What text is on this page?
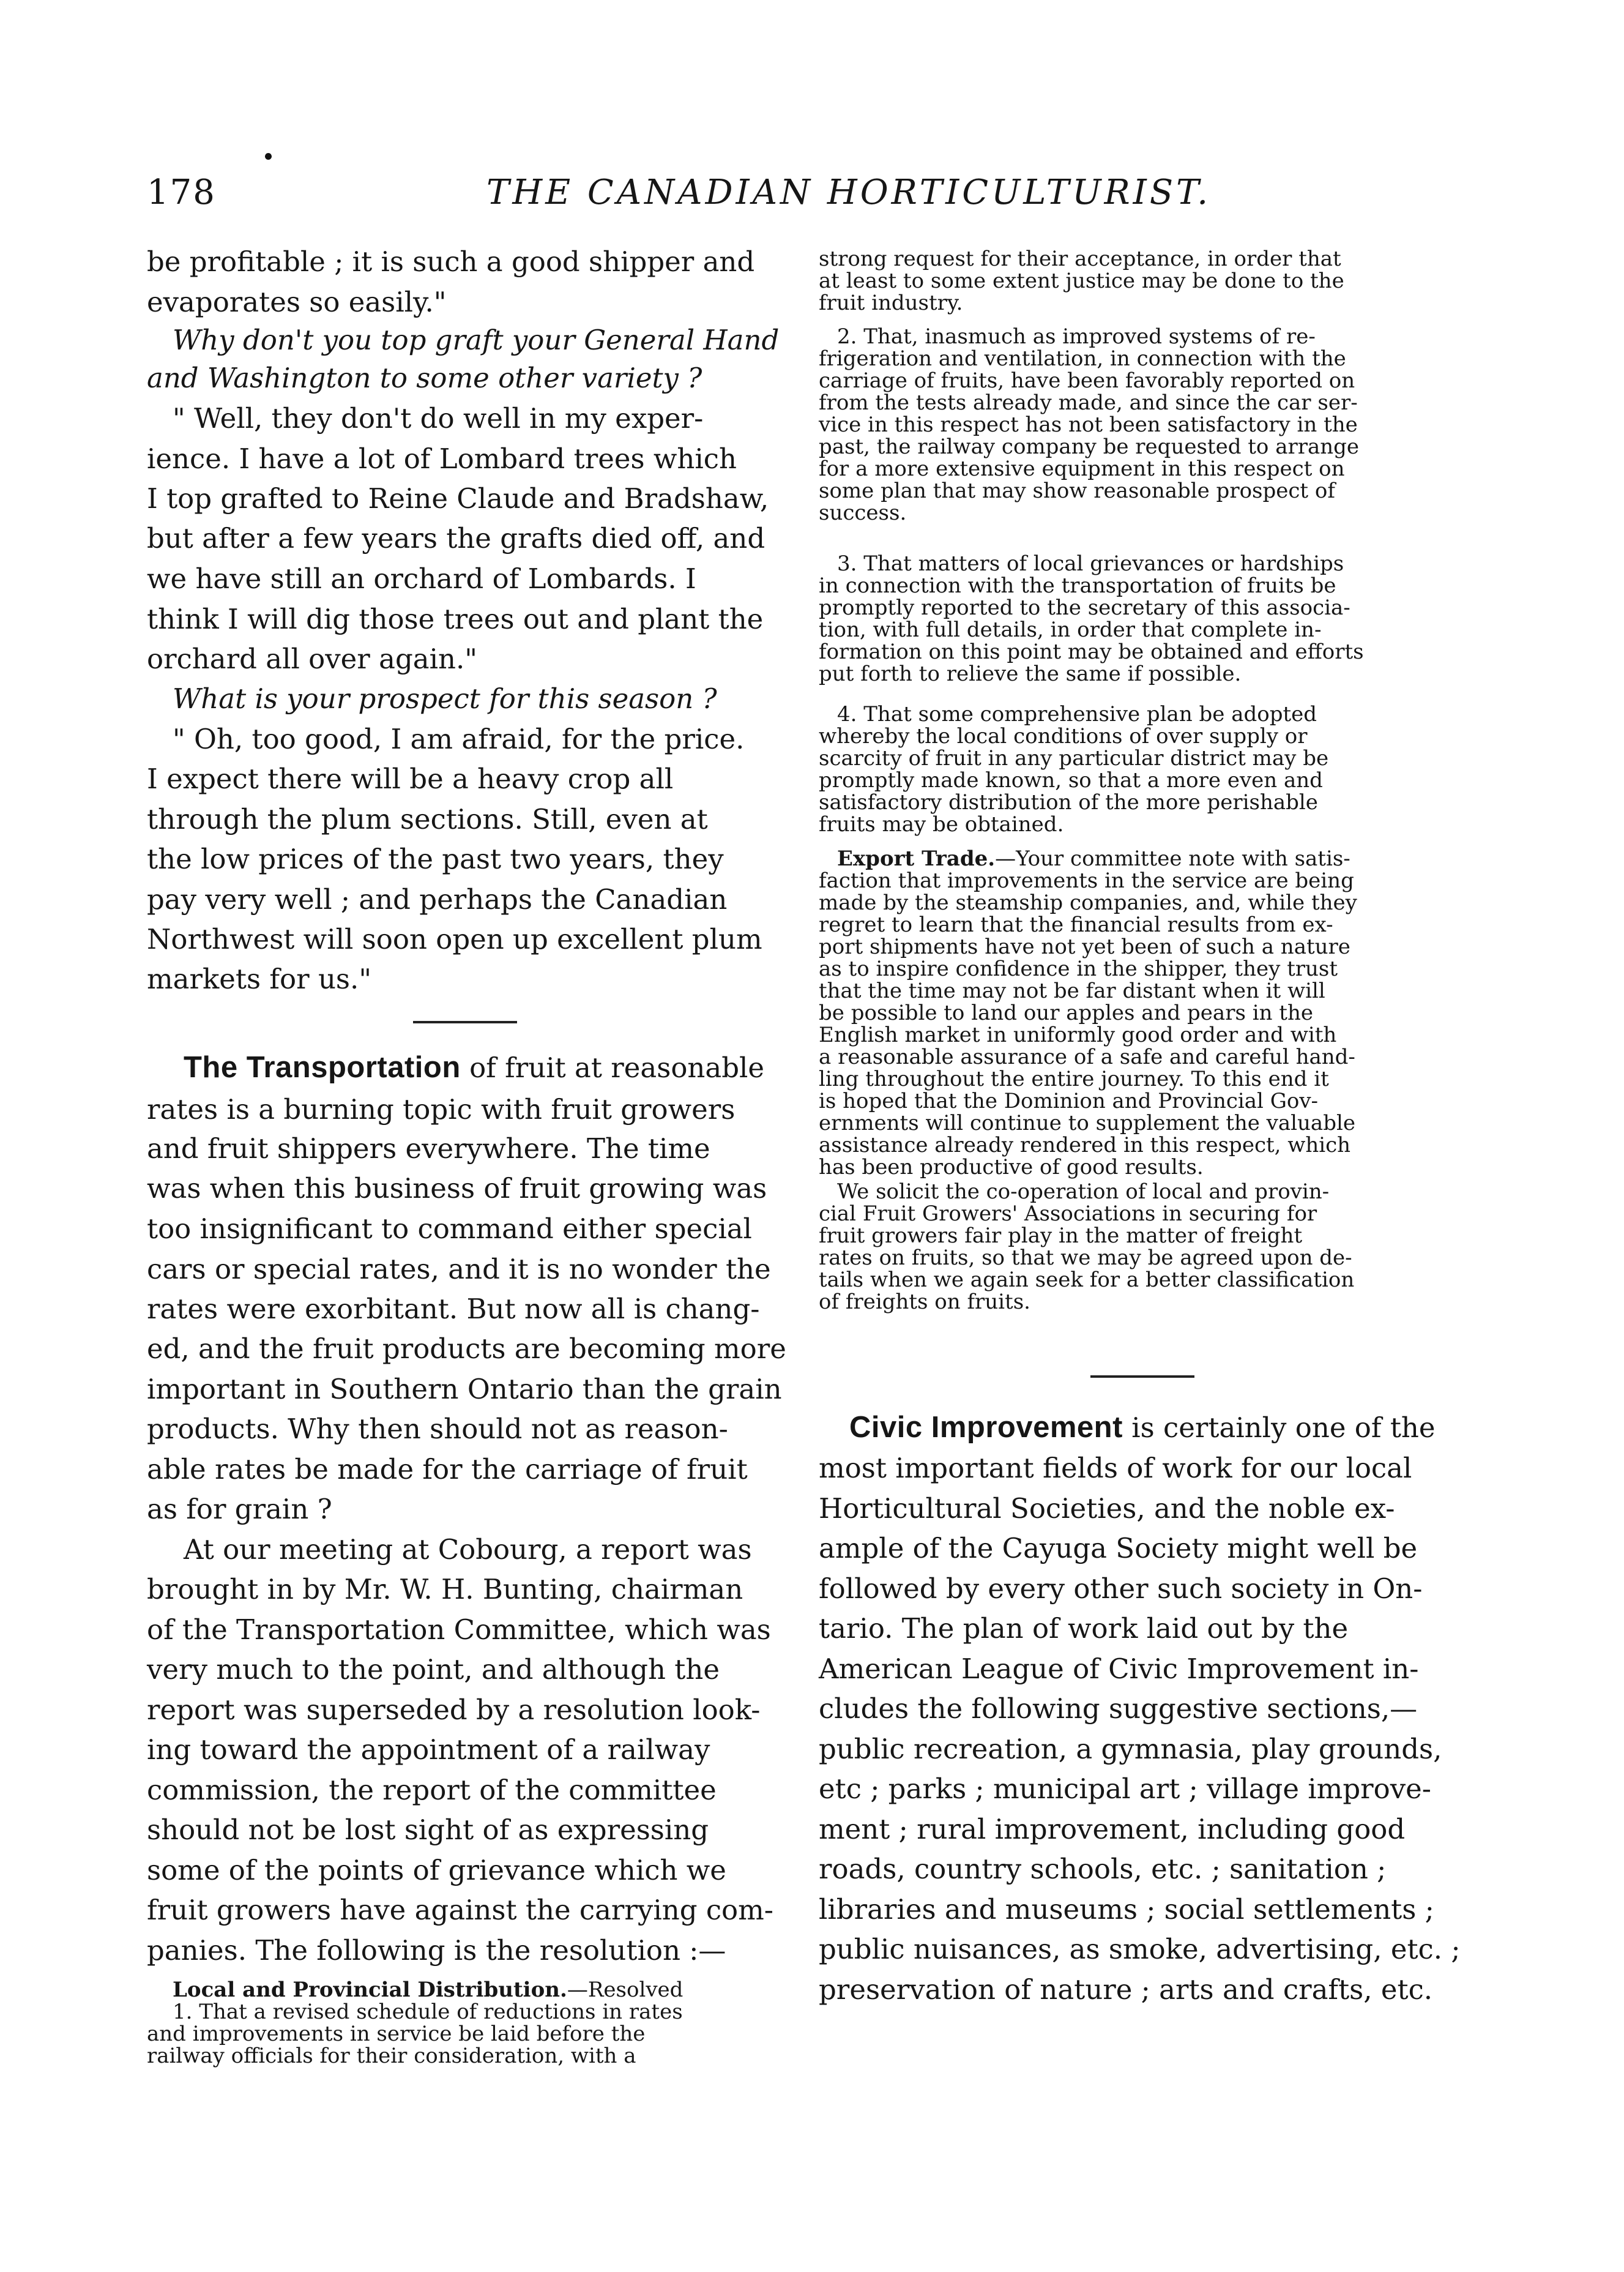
178	THE CANADIAN HORTICULTURIST.
be profitable ; it is such a good shipper and
evaporates so easily."
Why don't you top graft your General Hand
and Washington to some other variety ?
" Well, they don't do well in my exper-
ience. I have a lot of Lombard trees which
I top grafted to Reine Claude and Bradshaw,
but after a few years the grafts died off, and
we have still an orchard of Lombards. I
think I will dig those trees out and plant the
orchard all over again."
What is your prospect for this season ?
" Oh, too good, I am afraid, for the price.
I expect there will be a heavy crop all
through the plum sections. Still, even at
the low prices of the past two years, they
pay very well ; and perhaps the Canadian
Northwest will soon open up excellent plum
markets for us."
The Transportation of fruit at reasonable
rates is a burning topic with fruit growers
and fruit shippers everywhere. The time
was when this business of fruit growing was
too insignificant to command either special
cars or special rates, and it is no wonder the
rates were exorbitant. But now all is chang-
ed, and the fruit products are becoming more
important in Southern Ontario than the grain
products. Why then should not as reason-
able rates be made for the carriage of fruit
as for grain ?
At our meeting at Cobourg, a report was
brought in by Mr. W. H. Bunting, chairman
of the Transportation Committee, which was
very much to the point, and although the
report was superseded by a resolution look-
ing toward the appointment of a railway
commission, the report of the committee
should not be lost sight of as expressing
some of the points of grievance which we
fruit growers have against the carrying com-
panies. The following is the resolution :—
Local and Provincial Distribution.—Resolved
1. That a revised schedule of reductions in rates
and improvements in service be laid before the
railway officials for their consideration, with a
strong request for their acceptance, in order that
at least to some extent justice may be done to the
fruit industry.
2. That, inasmuch as improved systems of re-
frigeration and ventilation, in connection with the
carriage of fruits, have been favorably reported on
from the tests already made, and since the car ser-
vice in this respect has not been satisfactory in the
past, the railway company be requested to arrange
for a more extensive equipment in this respect on
some plan that may show reasonable prospect of
success.
3. That matters of local grievances or hardships
in connection with the transportation of fruits be
promptly reported to the secretary of this associa-
tion, with full details, in order that complete in-
formation on this point may be obtained and efforts
put forth to relieve the same if possible.
4. That some comprehensive plan be adopted
whereby the local conditions of over supply or
scarcity of fruit in any particular district may be
promptly made known, so that a more even and
satisfactory distribution of the more perishable
fruits may be obtained.
Export Trade.—Your committee note with satis-
faction that improvements in the service are being
made by the steamship companies, and, while they
regret to learn that the financial results from ex-
port shipments have not yet been of such a nature
as to inspire confidence in the shipper, they trust
that the time may not be far distant when it will
be possible to land our apples and pears in the
English market in uniformly good order and with
a reasonable assurance of a safe and careful hand-
ling throughout the entire journey. To this end it
is hoped that the Dominion and Provincial Gov-
ernments will continue to supplement the valuable
assistance already rendered in this respect, which
has been productive of good results.
We solicit the co-operation of local and provin-
cial Fruit Growers' Associations in securing for
fruit growers fair play in the matter of freight
rates on fruits, so that we may be agreed upon de-
tails when we again seek for a better classification
of freights on fruits.
Civic Improvement is certainly one of the
most important fields of work for our local
Horticultural Societies, and the noble ex-
ample of the Cayuga Society might well be
followed by every other such society in On-
tario. The plan of work laid out by the
American League of Civic Improvement in-
cludes the following suggestive sections,—
public recreation, a gymnasia, play grounds,
etc ; parks ; municipal art ; village improve-
ment ; rural improvement, including good
roads, country schools, etc. ; sanitation ;
libraries and museums ; social settlements ;
public nuisances, as smoke, advertising, etc. ;
preservation of nature ; arts and crafts, etc.
